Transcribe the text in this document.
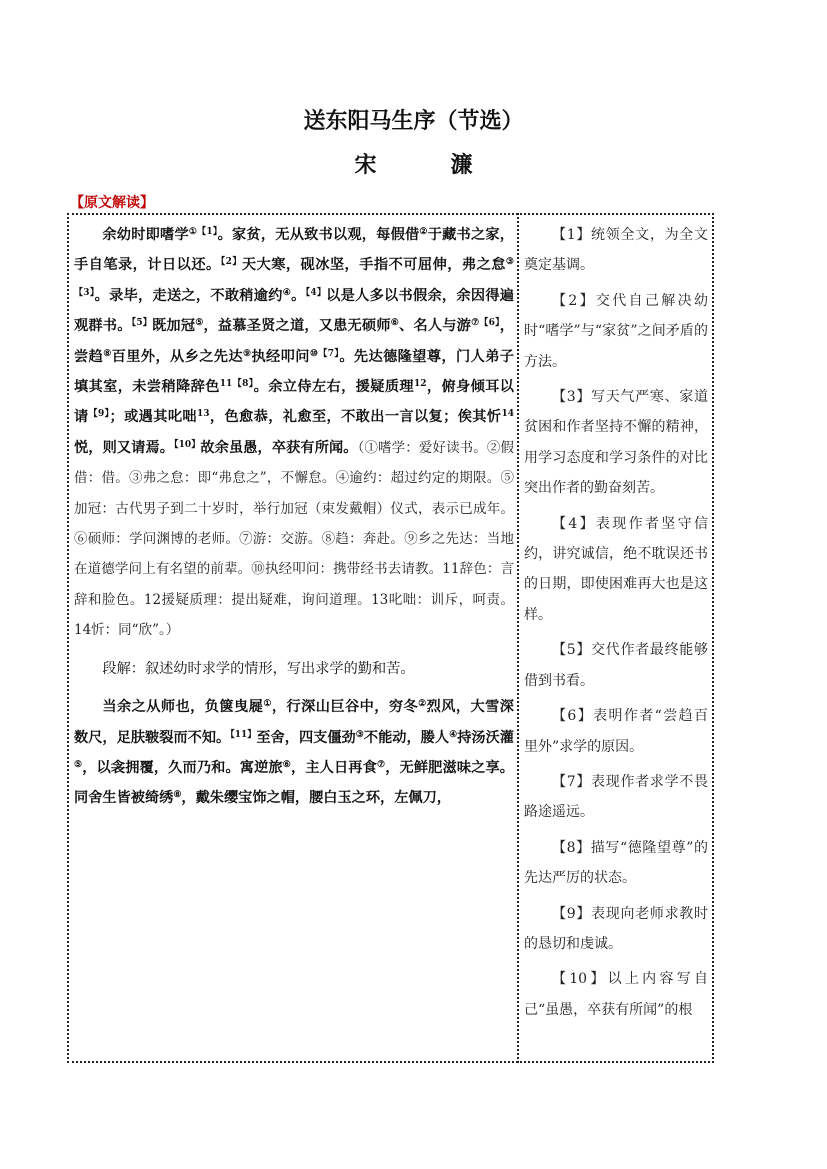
送东阳马生序（节选）
宋　濂
【原文解读】

余幼时即嗜学$^{①【1】}$。家贫，无从致书以观，每假借②于藏书之家，手自笔录，计日以还。$^{【2】}$天大寒，砚冰坚，手指不可屈伸，弗之怠$^{③【3】}$。录毕，走送之，不敢稍逾约④。$^{【4】}$以是人多以书假余，余因得遍观群书。$^{【5】}$既加冠⑤，益慕圣贤之道，又患无硕师⑥、名人与游$^{⑦【6】}$，尝趋⑧百里外，从乡之先达⑨执经叩问$^{⑩【7】}$。先达德隆望尊，门人弟子填其室，未尝稍降辞色$^{11【8】}$。余立侍左右，援疑质理$^{12}$，俯身倾耳以请$^{【9】}$；或遇其叱咄$^{13}$，色愈恭，礼愈至，不敢出一言以复；俟其忻$^{14}$悦，则又请焉。$^{【10】}$故余虽愚，卒获有所闻。（①嗜学：爱好读书。②假借：借。③弗之怠：即“弗怠之”，不懈怠。④逾约：超过约定的期限。⑤加冠：古代男子到二十岁时，举行加冠（束发戴帽）仪式，表示已成年。⑥硕师：学问渊博的老师。⑦游：交游。⑧趋：奔赴。⑨乡之先达：当地在道德学问上有名望的前辈。⑩执经叩问：携带经书去请教。11辞色：言辞和脸色。12援疑质理：提出疑难，询问道理。13叱咄：训斥，呵责。14忻：同“欣”。）

段解：叙述幼时求学的情形，写出求学的勤和苦。

当余之从师也，负箧曳屣①，行深山巨谷中，穷冬②烈风，大雪深数尺，足肤皲裂而不知。$^{【11】}$至舍，四支僵劲③不能动，媵人④持汤沃灌⑤，以衾拥覆，久而乃和。寓逆旅⑥，主人日再食⑦，无鲜肥滋味之享。同舍生皆被绮绣⑧，戴朱缨宝饰之帽，腰白玉之环，左佩刀，

【1】统领全文，为全文奠定基调。

【2】交代自己解决幼时“嗜学”与“家贫”之间矛盾的方法。

【3】写天气严寒、家道贫困和作者坚持不懈的精神，用学习态度和学习条件的对比突出作者的勤奋刻苦。

【4】表现作者坚守信约，讲究诚信，绝不耽误还书的日期，即使困难再大也是这样。

【5】交代作者最终能够借到书看。

【6】表明作者“尝趋百里外”求学的原因。

【7】表现作者求学不畏路途遥远。

【8】描写“德隆望尊”的先达严厉的状态。

【9】表现向老师求教时的恳切和虔诚。

【10】以上内容写自己“虽愚，卒获有所闻”的根
